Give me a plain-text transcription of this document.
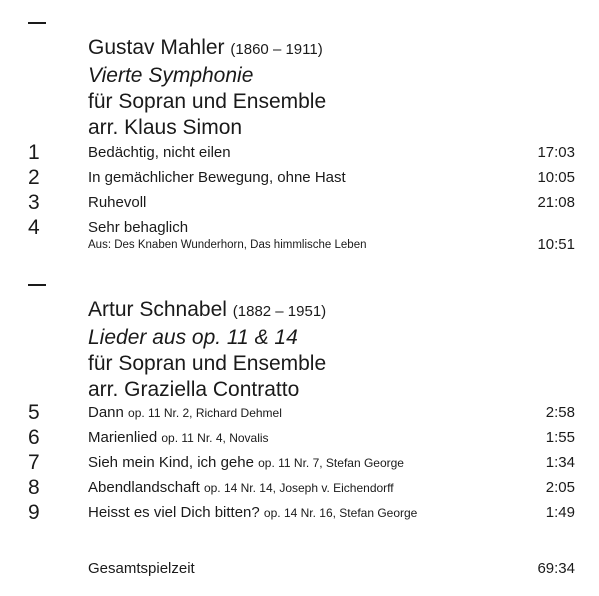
Gustav Mahler (1860 – 1911)
Vierte Symphonie
für Sopran und Ensemble
arr. Klaus Simon
1	Bedächtig, nicht eilen	17:03
2	In gemächlicher Bewegung, ohne Hast	10:05
3	Ruhevoll	21:08
4	Sehr behaglich
Aus: Des Knaben Wunderhorn, Das himmlische Leben	10:51
Artur Schnabel (1882 – 1951)
Lieder aus op. 11 & 14
für Sopran und Ensemble
arr. Graziella Contratto
5	Dann op. 11 Nr. 2, Richard Dehmel	2:58
6	Marienlied op. 11 Nr. 4, Novalis	1:55
7	Sieh mein Kind, ich gehe op. 11 Nr. 7, Stefan George	1:34
8	Abendlandschaft op. 14 Nr. 14, Joseph v. Eichendorff	2:05
9	Heisst es viel Dich bitten? op. 14 Nr. 16, Stefan George	1:49
Gesamtspielzeit	69:34
